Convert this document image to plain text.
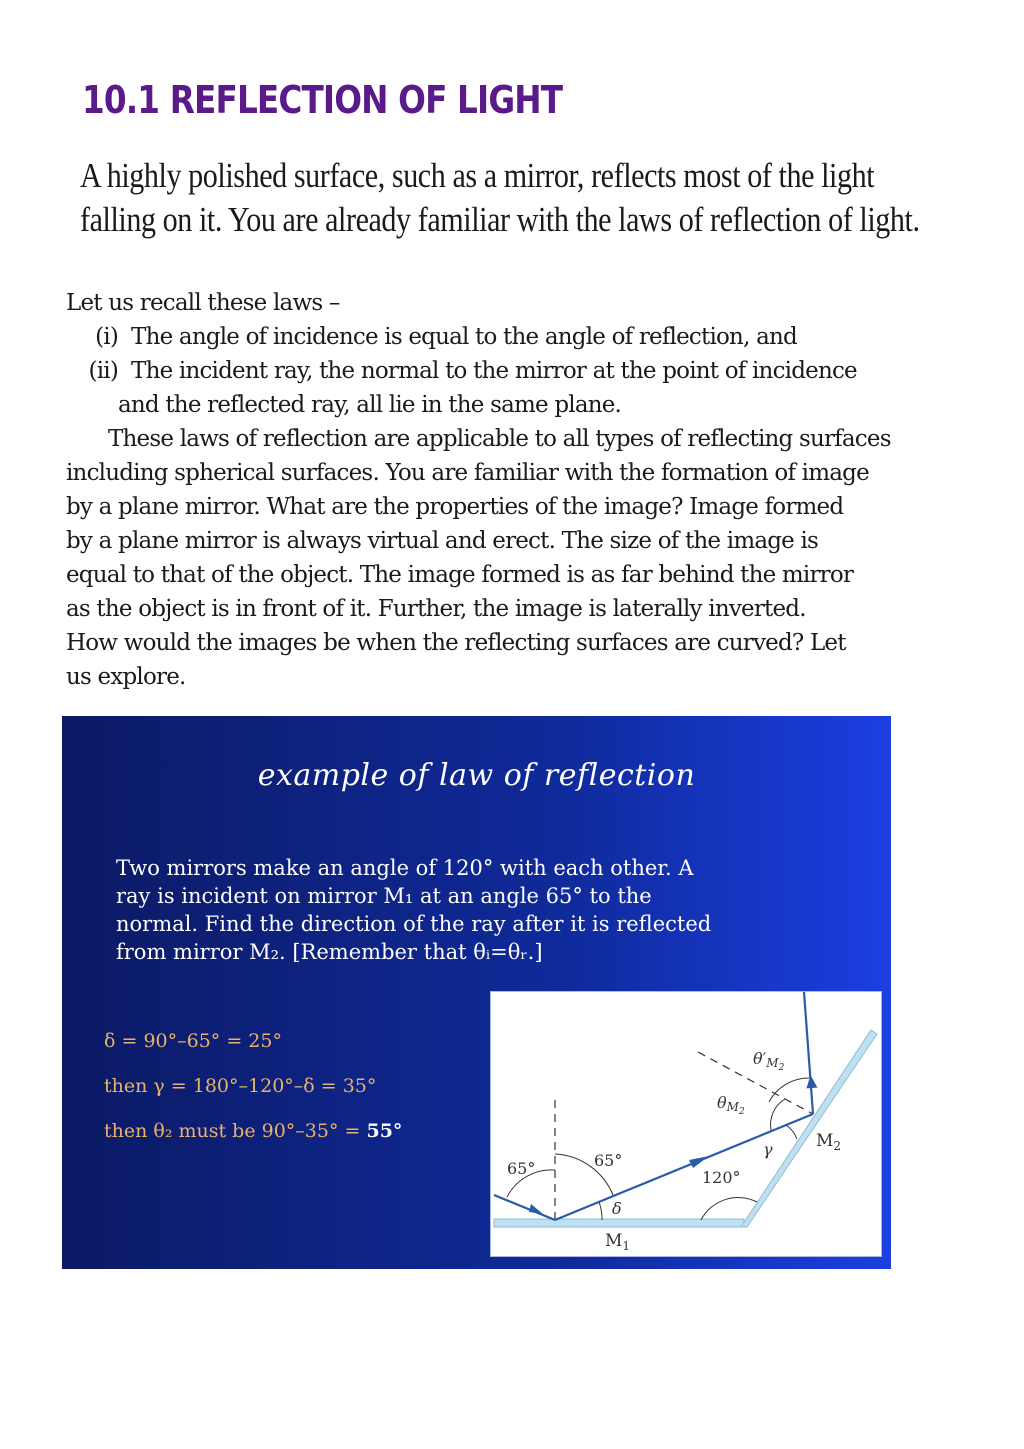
10.1 REFLECTION OF LIGHT

A highly polished surface, such as a mirror, reflects most of the light

falling on it. You are already familiar with the laws of reflection of light.

Let us recall these laws –
(i)
The angle of incidence is equal to the angle of reflection, and
(ii)
The incident ray, the normal to the mirror at the point of incidence
and the reflected ray, all lie in the same plane.
These laws of reflection are applicable to all types of reflecting surfaces
including spherical surfaces. You are familiar with the formation of image
by a plane mirror. What are the properties of the image? Image formed
by a plane mirror is always virtual and erect. The size of the image is
equal to that of the object. The image formed is as far behind the mirror
as the object is in front of it. Further, the image is laterally inverted.
How would the images be when the reflecting surfaces are curved? Let
us explore.
example of law of reflection
Two mirrors make an angle of 120° with each other. A
ray is incident on mirror M₁ at an angle 65° to the
normal. Find the direction of the ray after it is reflected
from mirror M₂. [Remember that θᵢ=θᵣ.]
δ = 90°–65° = 25°
then γ = 180°–120°–δ = 35°
then θ₂ must be 90°–35° = 55°
65°	65°
δ
$M_1$
120°
γ	$M_2$
θM2
θ′M2
